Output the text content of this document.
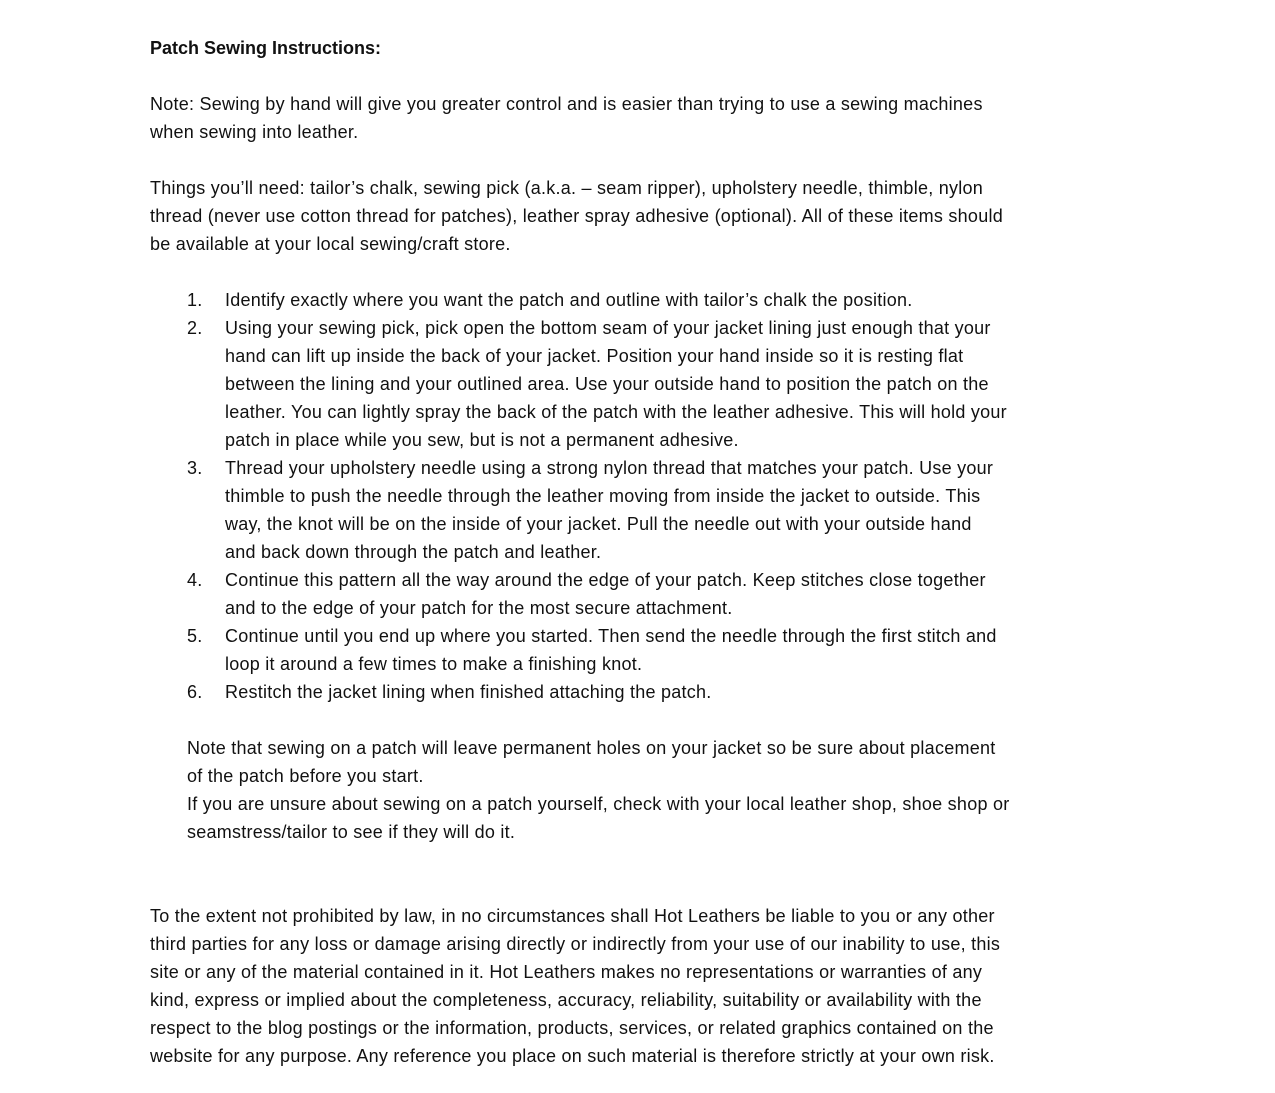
Patch Sewing Instructions:
Note: Sewing by hand will give you greater control and is easier than trying to use a sewing machines
when sewing into leather.
Things you’ll need: tailor’s chalk, sewing pick (a.k.a. – seam ripper), upholstery needle, thimble, nylon
thread (never use cotton thread for patches), leather spray adhesive (optional). All of these items should
be available at your local sewing/craft store.
1.	Identify exactly where you want the patch and outline with tailor’s chalk the position.
2.	Using your sewing pick, pick open the bottom seam of your jacket lining just enough that your
hand can lift up inside the back of your jacket. Position your hand inside so it is resting flat
between the lining and your outlined area. Use your outside hand to position the patch on the
leather. You can lightly spray the back of the patch with the leather adhesive. This will hold your
patch in place while you sew, but is not a permanent adhesive.
3.	Thread your upholstery needle using a strong nylon thread that matches your patch. Use your
thimble to push the needle through the leather moving from inside the jacket to outside. This
way, the knot will be on the inside of your jacket. Pull the needle out with your outside hand
and back down through the patch and leather.
4.	Continue this pattern all the way around the edge of your patch. Keep stitches close together
and to the edge of your patch for the most secure attachment.
5.	Continue until you end up where you started. Then send the needle through the first stitch and
loop it around a few times to make a finishing knot.
6.	Restitch the jacket lining when finished attaching the patch.
Note that sewing on a patch will leave permanent holes on your jacket so be sure about placement
of the patch before you start.
If you are unsure about sewing on a patch yourself, check with your local leather shop, shoe shop or
seamstress/tailor to see if they will do it.
To the extent not prohibited by law, in no circumstances shall Hot Leathers be liable to you or any other
third parties for any loss or damage arising directly or indirectly from your use of our inability to use, this
site or any of the material contained in it. Hot Leathers makes no representations or warranties of any
kind, express or implied about the completeness, accuracy, reliability, suitability or availability with the
respect to the blog postings or the information, products, services, or related graphics contained on the
website for any purpose. Any reference you place on such material is therefore strictly at your own risk.
